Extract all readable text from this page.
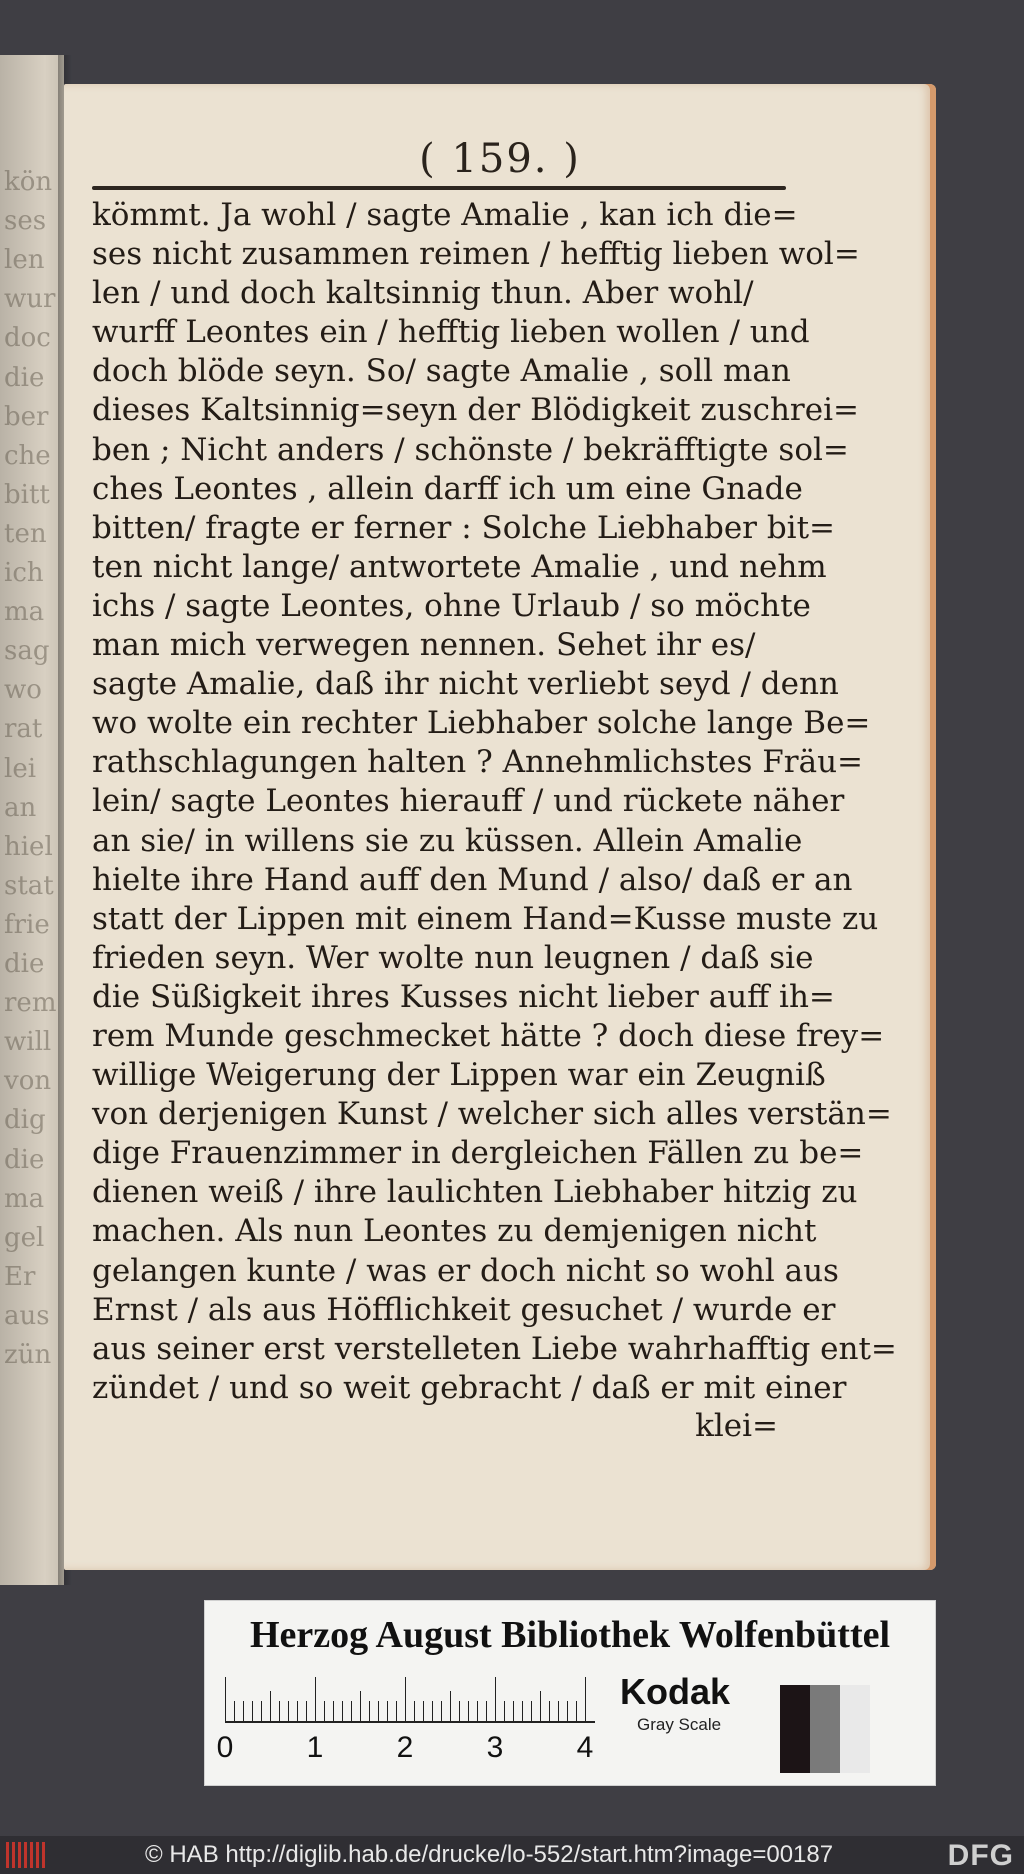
kön
ses
len
wur
doc
die
ber
che
bitt
ten
ich
ma
sag
wo
rat
lei
an
hiel
stat
frie
die
rem
will
von
dig
die
ma
gel
Er
aus
zün
( 159. )
kömmt. Ja wohl / sagte Amalie , kan ich die=
ses nicht zusammen reimen / hefftig lieben wol=
len / und doch kaltsinnig thun. Aber wohl/
wurff Leontes ein / hefftig lieben wollen / und
doch blöde seyn. So/ sagte Amalie , soll man
dieses Kaltsinnig=seyn der Blödigkeit zuschrei=
ben ; Nicht anders / schönste / bekräfftigte sol=
ches Leontes , allein darff ich um eine Gnade
bitten/ fragte er ferner : Solche Liebhaber bit=
ten nicht lange/ antwortete Amalie , und nehm
ichs / sagte Leontes, ohne Urlaub / so möchte
man mich verwegen nennen. Sehet ihr es/
sagte Amalie, daß ihr nicht verliebt seyd / denn
wo wolte ein rechter Liebhaber solche lange Be=
rathschlagungen halten ? Annehmlichstes Fräu=
lein/ sagte Leontes hierauff / und rückete näher
an sie/ in willens sie zu küssen. Allein Amalie
hielte ihre Hand auff den Mund / also/ daß er an
statt der Lippen mit einem Hand=Kusse muste zu
frieden seyn. Wer wolte nun leugnen / daß sie
die Süßigkeit ihres Kusses nicht lieber auff ih=
rem Munde geschmecket hätte ? doch diese frey=
willige Weigerung der Lippen war ein Zeugniß
von derjenigen Kunst / welcher sich alles verstän=
dige Frauenzimmer in dergleichen Fällen zu be=
dienen weiß / ihre laulichten Liebhaber hitzig zu
machen. Als nun Leontes zu demjenigen nicht
gelangen kunte / was er doch nicht so wohl aus
Ernst / als aus Höfflichkeit gesuchet / wurde er
aus seiner erst verstelleten Liebe wahrhafftig ent=
zündet / und so weit gebracht / daß er mit einer
klei=
Herzog August Bibliothek Wolfenbüttel
0 1 2 3 4
Kodak
Gray Scale
© HAB http://diglib.hab.de/drucke/lo-552/start.htm?image=00187	DFG
